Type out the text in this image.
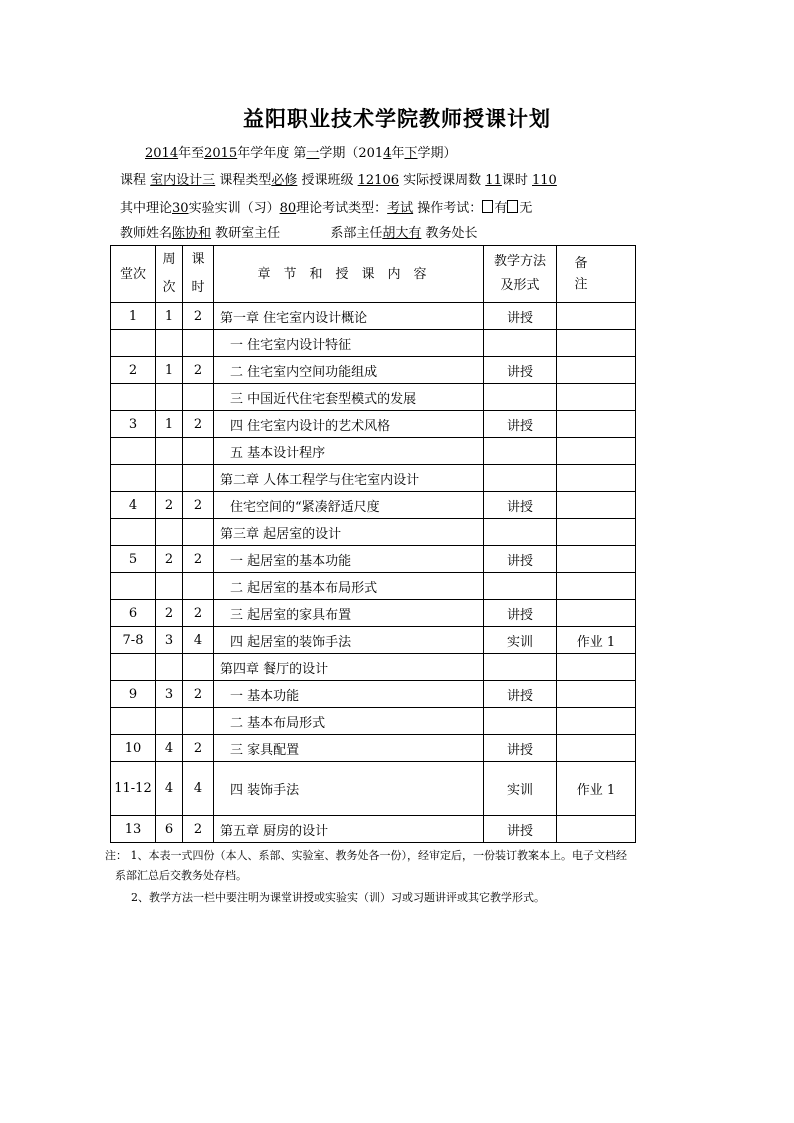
益阳职业技术学院教师授课计划
2014年至2015年学年度 第一学期（2014年下学期）
课程 室内设计三 课程类型必修 授课班级 12106 实际授课周数 11课时 110
其中理论30实验实训（习）80理论考试类型：考试 操作考试： 有 无
教师姓名陈协和 教研室主任	系部主任胡大有 教务处长
堂次	周次	课时	章节和授课内容	教学方法及形式	备注
1	1	2	第一章 住宅室内设计概论	讲授	
			一 住宅室内设计特征		
2	1	2	二 住宅室内空间功能组成	讲授	
			三 中国近代住宅套型模式的发展		
3	1	2	四 住宅室内设计的艺术风格	讲授	
			五 基本设计程序		
			第二章 人体工程学与住宅室内设计		
4	2	2	住宅空间的“紧凑舒适尺度	讲授	
			第三章 起居室的设计		
5	2	2	一 起居室的基本功能	讲授	
			二 起居室的基本布局形式		
6	2	2	三 起居室的家具布置	讲授	
7-8	3	4	四 起居室的装饰手法	实训	作业 1
			第四章 餐厅的设计		
9	3	2	一 基本功能	讲授	
			二 基本布局形式		
10	4	2	三 家具配置	讲授	
11-12	4	4	四 装饰手法	实训	作业 1
13	6	2	第五章 厨房的设计	讲授	
注： 1、本表一式四份（本人、系部、实验室、教务处各一份），经审定后，一份装订教案本上。电子文档经
系部汇总后交教务处存档。
2、教学方法一栏中要注明为课堂讲授或实验实（训）习或习题讲评或其它教学形式。
